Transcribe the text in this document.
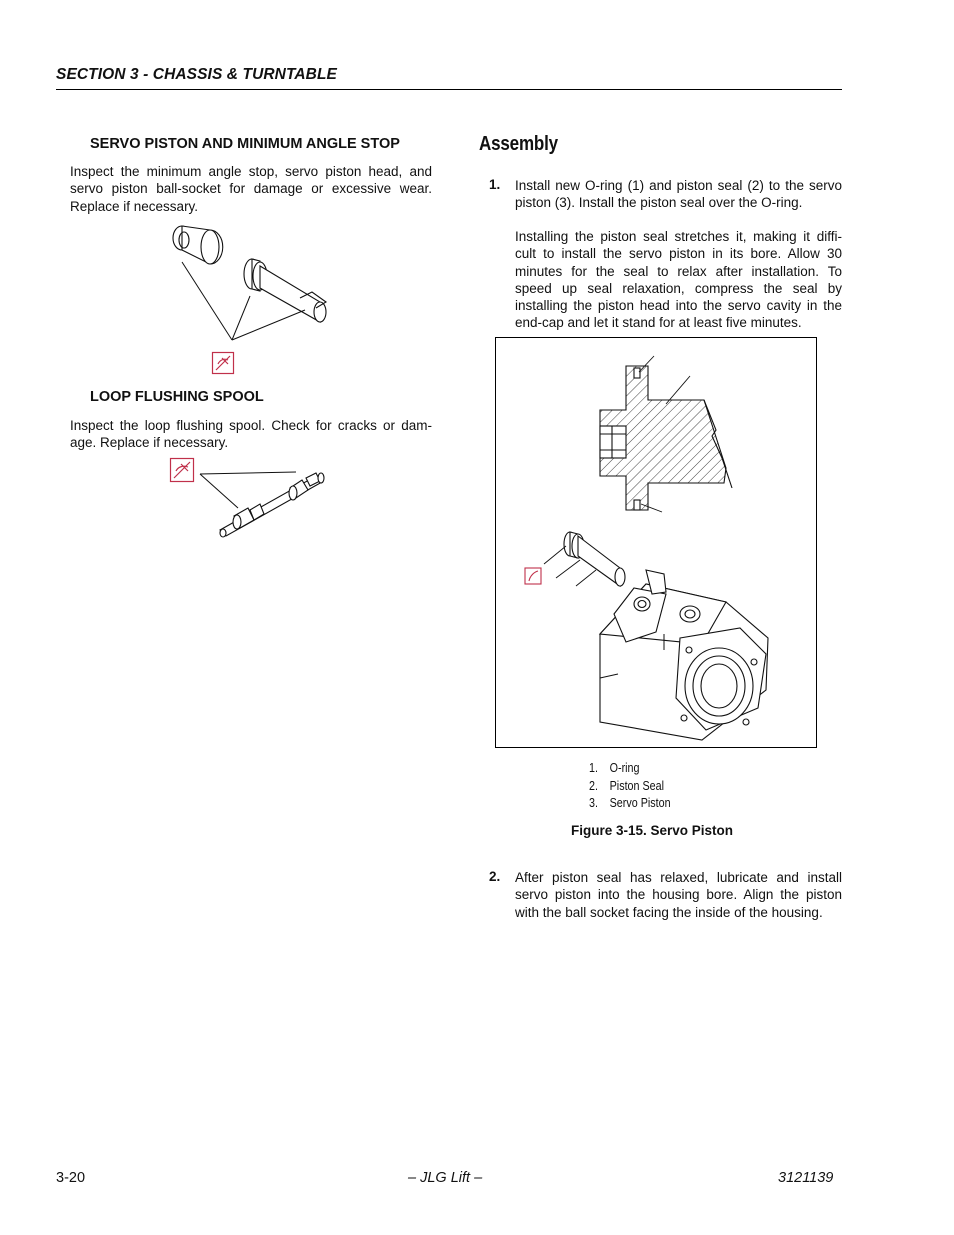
SECTION 3 - CHASSIS & TURNTABLE
SERVO PISTON AND MINIMUM ANGLE STOP
Inspect the minimum angle stop, servo piston head, and
servo piston ball-socket for damage or excessive wear.
Replace if necessary.
LOOP FLUSHING SPOOL
Inspect the loop flushing spool. Check for cracks or dam-
age. Replace if necessary.
Assembly
1. Install new O-ring (1) and piston seal (2) to the servo
piston (3). Install the piston seal over the O-ring.
Installing the piston seal stretches it, making it diffi-
cult to install the servo piston in its bore. Allow 30
minutes for the seal to relax after installation. To
speed up seal relaxation, compress the seal by
installing the piston head into the servo cavity in the
end-cap and let it stand for at least five minutes.
1. O-ring
2. Piston Seal
3. Servo Piston
Figure 3-15. Servo Piston
2. After piston seal has relaxed, lubricate and install
servo piston into the housing bore. Align the piston
with the ball socket facing the inside of the housing.
3-20	– JLG Lift –	3121139
